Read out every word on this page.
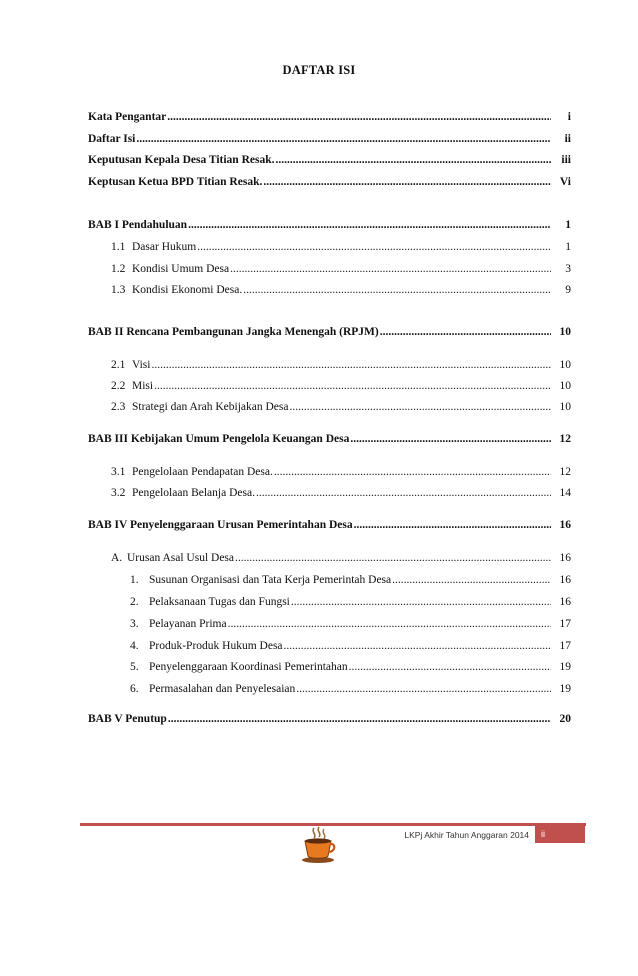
DAFTAR ISI
Kata Pengantar .....	i
Daftar Isi .....	ii
Keputusan Kepala Desa Titian Resak. .....	iii
Keptusan Ketua BPD Titian Resak. .....	Vi
BAB I Pendahuluan .....	1
1.1 Dasar Hukum .....	1
1.2 Kondisi Umum Desa .....	3
1.3 Kondisi Ekonomi Desa. .....	9
BAB II Rencana Pembangunan Jangka Menengah (RPJM) .....	10
2.1 Visi .....	10
2.2 Misi .....	10
2.3 Strategi dan Arah Kebijakan Desa .....	10
BAB III Kebijakan Umum Pengelola Keuangan Desa .....	12
3.1 Pengelolaan Pendapatan Desa. .....	12
3.2 Pengelolaan Belanja Desa. .....	14
BAB IV Penyelenggaraan Urusan Pemerintahan Desa .....	16
A. Urusan Asal Usul Desa .....	16
1. Susunan Organisasi dan Tata Kerja Pemerintah Desa .....	16
2. Pelaksanaan Tugas dan Fungsi .....	16
3. Pelayanan Prima .....	17
4. Produk-Produk Hukum Desa .....	17
5. Penyelenggaraan Koordinasi Pemerintahan .....	19
6. Permasalahan dan Penyelesaian .....	19
BAB V Penutup .....	20
LKPj Akhir Tahun Anggaran 2014	ii
